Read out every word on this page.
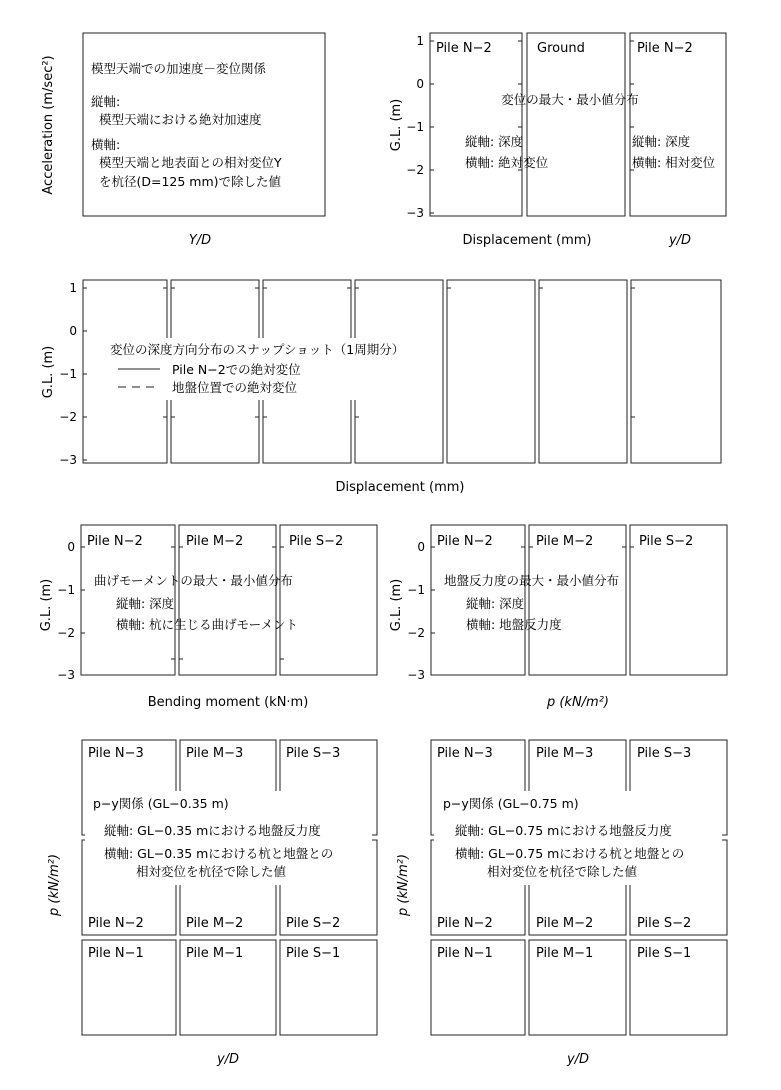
Acceleration (m/sec²)
Y/D
模型天端での加速度－変位関係
縦軸:
模型天端における絶対加速度
横軸:
模型天端と地表面との相対変位Y
を杭径(D=125 mm)で除した値
1
0
−1
−2
−3
G.L. (m)
Displacement (mm)	y/D
Pile N−2	Ground	Pile N−2
変位の最大・最小値分布
縦軸: 深度
横軸: 絶対変位
縦軸: 深度
横軸: 相対変位
1
0
−1
−2
−3
G.L. (m)
Displacement (mm)
変位の深度方向分布のスナップショット（1周期分）
Pile N−2での絶対変位
地盤位置での絶対変位
0
−1
−2
−3
G.L. (m)
Bending moment (kN·m)
Pile N−2	Pile M−2	Pile S−2
曲げモーメントの最大・最小値分布
縦軸: 深度
横軸: 杭に生じる曲げモーメント
0
−1
−2
−3
G.L. (m)
p (kN/m²)
Pile N−2	Pile M−2	Pile S−2
地盤反力度の最大・最小値分布
縦軸: 深度
横軸: 地盤反力度
Pile N−3	Pile M−3	Pile S−3
Pile N−2	Pile M−2	Pile S−2
Pile N−1	Pile M−1	Pile S−1
p−y関係 (GL−0.35 m)
縦軸: GL−0.35 mにおける地盤反力度
横軸: GL−0.35 mにおける杭と地盤との
相対変位を杭径で除した値
p (kN/m²)
y/D
Pile N−3	Pile M−3	Pile S−3
Pile N−2	Pile M−2	Pile S−2
Pile N−1	Pile M−1	Pile S−1
p−y関係 (GL−0.75 m)
縦軸: GL−0.75 mにおける地盤反力度
横軸: GL−0.75 mにおける杭と地盤との
相対変位を杭径で除した値
p (kN/m²)
y/D
